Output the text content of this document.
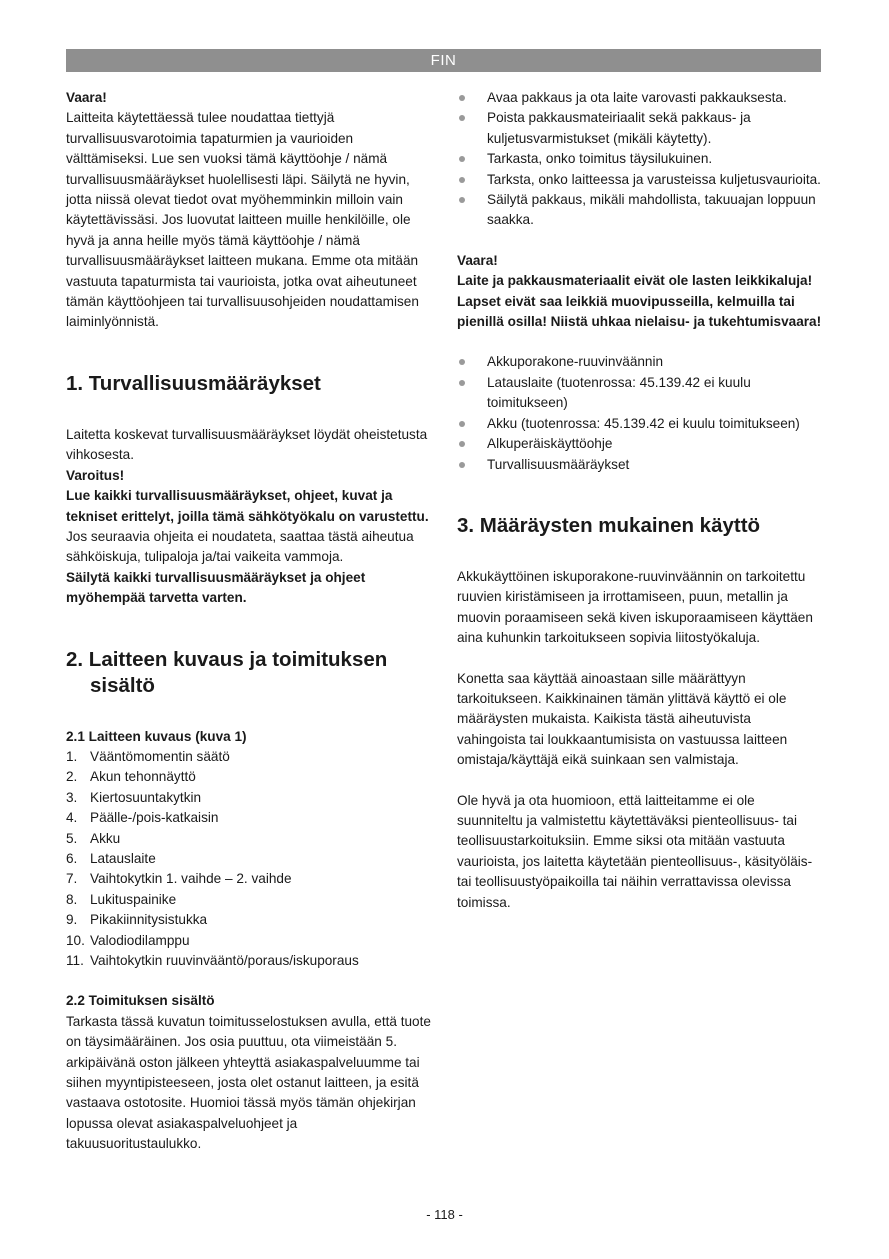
FIN

Vaara!

Laitteita käytettäessä tulee noudattaa tiettyjä turvallisuusvarotoimia tapaturmien ja vaurioiden välttämiseksi. Lue sen vuoksi tämä käyttöohje / nämä turvallisuusmääräykset huolellisesti läpi. Säilytä ne hyvin, jotta niissä olevat tiedot ovat myöhemminkin milloin vain käytettävissäsi. Jos luovutat laitteen muille henkilöille, ole hyvä ja anna heille myös tämä käyttöohje / nämä turvallisuusmääräykset laitteen mukana. Emme ota mitään vastuuta tapaturmista tai vaurioista, jotka ovat aiheutuneet tämän käyttöohjeen tai turvallisuusohjeiden noudattamisen laiminlyönnistä.

1. Turvallisuusmääräykset

Laitetta koskevat turvallisuusmääräykset löydät oheistetusta vihkosesta.

Varoitus!

Lue kaikki turvallisuusmääräykset, ohjeet, kuvat ja tekniset erittelyt, joilla tämä sähkötyökalu on varustettu. Jos seuraavia ohjeita ei noudateta, saattaa tästä aiheutua sähköiskuja, tulipaloja ja/tai vaikeita vammoja.

Säilytä kaikki turvallisuusmääräykset ja ohjeet myöhempää tarvetta varten.

2. Laitteen kuvaus ja toimituksen sisältö
2.1 Laitteen kuvaus (kuva 1)
1. Vääntömomentin säätö
2. Akun tehonnäyttö
3. Kiertosuuntakytkin
4. Päälle-/pois-katkaisin
5. Akku
6. Latauslaite
7. Vaihtokytkin 1. vaihde – 2. vaihde
8. Lukituspainike
9. Pikakiinnitysistukka
10. Valodiodilamppu
11. Vaihtokytkin ruuvinvääntö/poraus/iskuporaus
2.2 Toimituksen sisältö

Tarkasta tässä kuvatun toimitusselostuksen avulla, että tuote on täysimääräinen. Jos osia puuttuu, ota viimeistään 5. arkipäivänä oston jälkeen yhteyttä asiakaspalveluumme tai siihen myyntipisteeseen, josta olet ostanut laitteen, ja esitä vastaava ostotosite. Huomioi tässä myös tämän ohjekirjan lopussa olevat asiakaspalveluohjeet ja takuusuoritustaulukko.

Avaa pakkaus ja ota laite varovasti pakkauksesta.
Poista pakkausmateiriaalit sekä pakkaus- ja kuljetusvarmistukset (mikäli käytetty).
Tarkasta, onko toimitus täysilukuinen.
Tarksta, onko laitteessa ja varusteissa kuljetusvaurioita.
Säilytä pakkaus, mikäli mahdollista, takuuajan loppuun saakka.

Vaara!

Laite ja pakkausmateriaalit eivät ole lasten leikkikaluja! Lapset eivät saa leikkiä muovipusseilla, kelmuilla tai pienillä osilla! Niistä uhkaa nielaisu- ja tukehtumisvaara!

Akkuporakone-ruuvinväännin
Latauslaite (tuotenrossa: 45.139.42 ei kuulu toimitukseen)
Akku (tuotenrossa: 45.139.42 ei kuulu toimitukseen)
Alkuperäiskäyttöohje
Turvallisuusmääräykset
3. Määräysten mukainen käyttö

Akkukäyttöinen iskuporakone-ruuvinväännin on tarkoitettu ruuvien kiristämiseen ja irrottamiseen, puun, metallin ja muovin poraamiseen sekä kiven iskuporaamiseen käyttäen aina kuhunkin tarkoitukseen sopivia liitostyökaluja.

Konetta saa käyttää ainoastaan sille määrättyyn tarkoitukseen. Kaikkinainen tämän ylittävä käyttö ei ole määräysten mukaista. Kaikista tästä aiheutuvista vahingoista tai loukkaantumisista on vastuussa laitteen omistaja/käyttäjä eikä suinkaan sen valmistaja.

Ole hyvä ja ota huomioon, että laitteitamme ei ole suunniteltu ja valmistettu käytettäväksi pienteollisuus- tai teollisuustarkoituksiin. Emme siksi ota mitään vastuuta vaurioista, jos laitetta käytetään pienteollisuus-, käsityöläis- tai teollisuustyöpaikoilla tai näihin verrattavissa olevissa toimissa.

- 118 -
